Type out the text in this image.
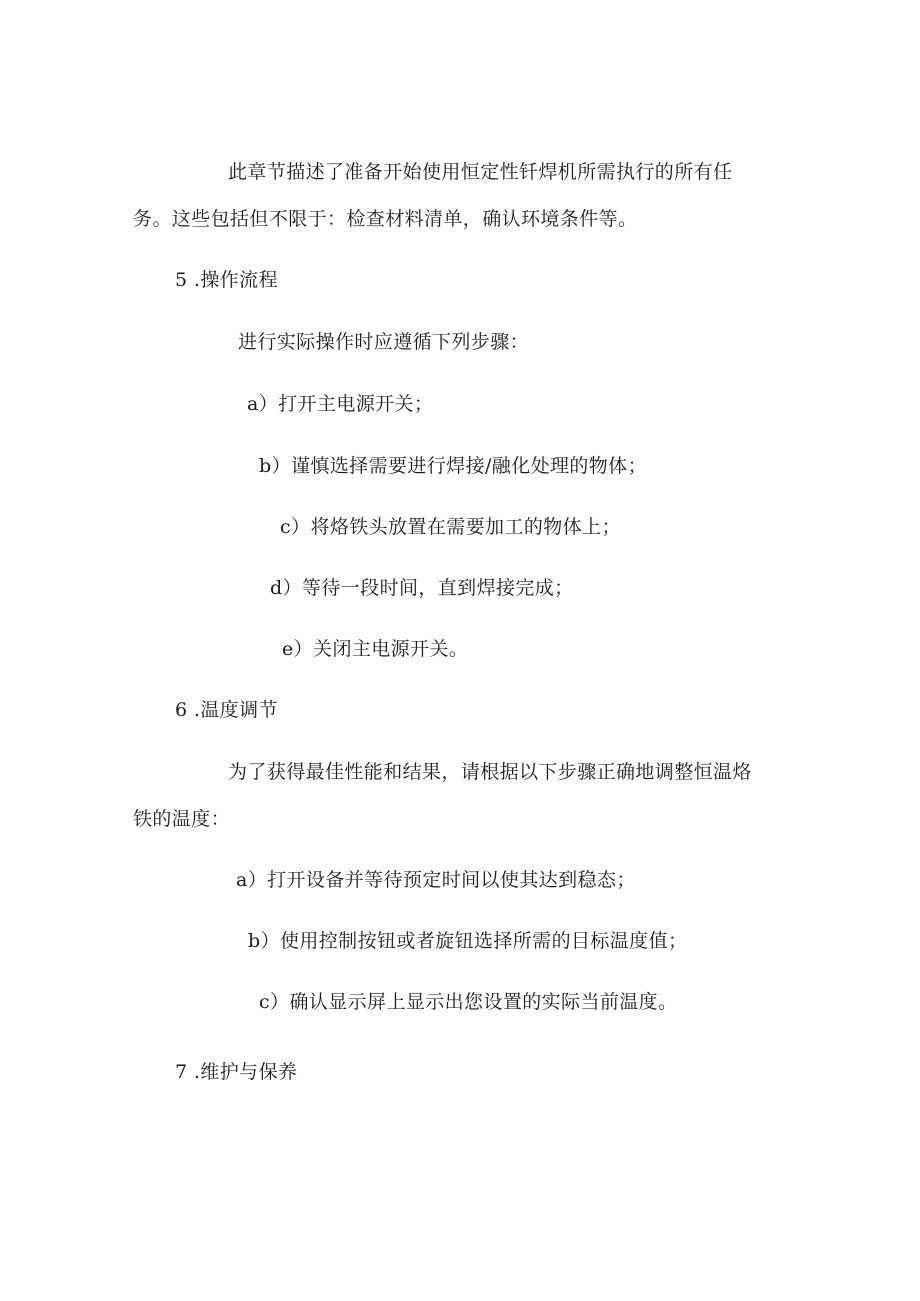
此章节描述了准备开始使用恒定性钎焊机所需执行的所有任
务。这些包括但不限于：检查材料清单，确认环境条件等。
5 .操作流程
进行实际操作时应遵循下列步骤：
a）打开主电源开关；
b）谨慎选择需要进行焊接/融化处理的物体；
c）将烙铁头放置在需要加工的物体上；
d）等待一段时间，直到焊接完成；
e）关闭主电源开关。
6 .温度调节
为了获得最佳性能和结果，请根据以下步骤正确地调整恒温烙
铁的温度：
a）打开设备并等待预定时间以使其达到稳态；
b）使用控制按钮或者旋钮选择所需的目标温度值；
c）确认显示屏上显示出您设置的实际当前温度。
7 .维护与保养
